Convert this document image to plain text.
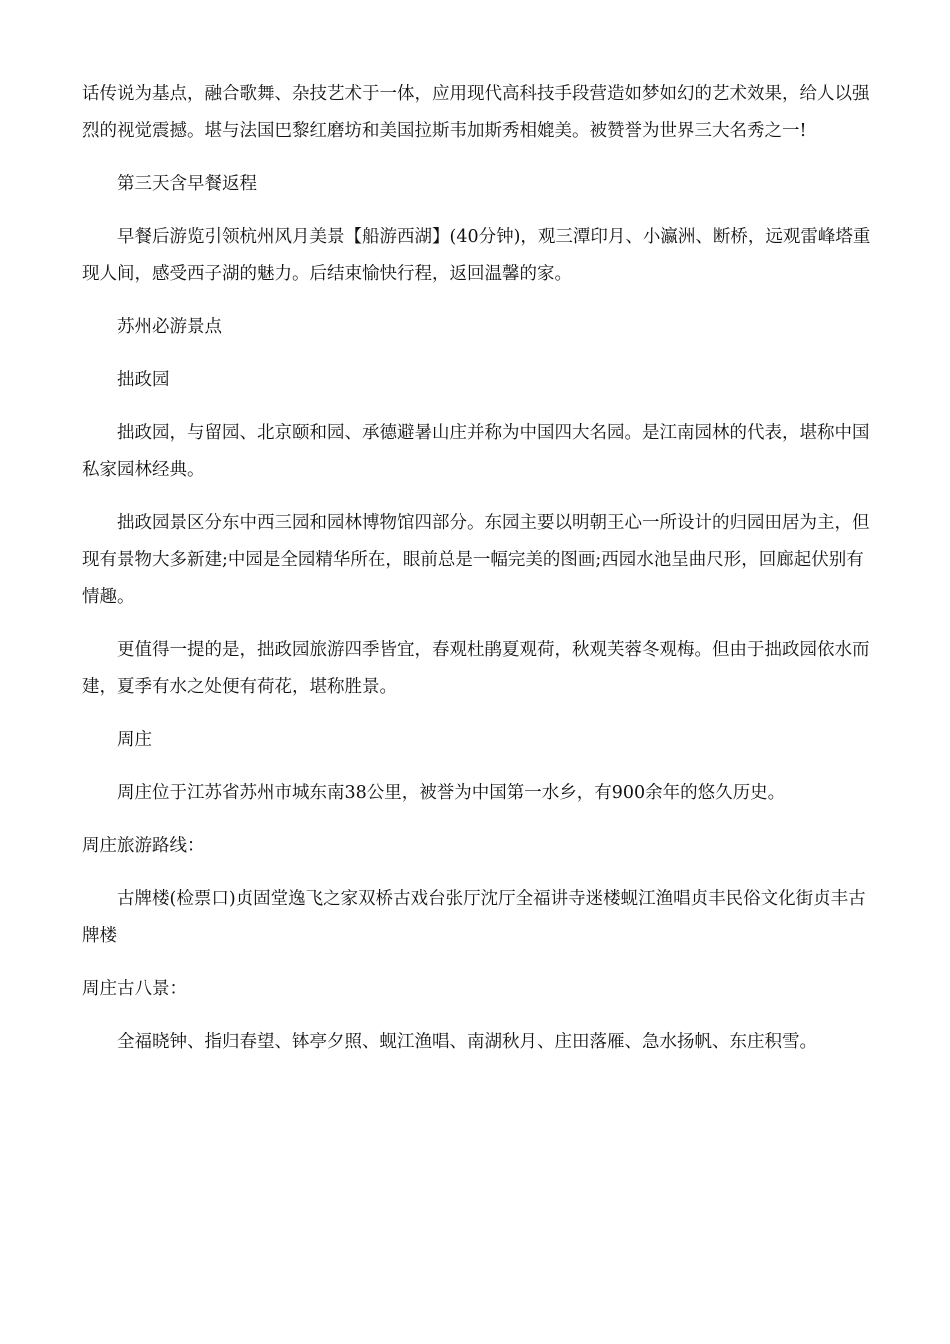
话传说为基点，融合歌舞、杂技艺术于一体，应用现代高科技手段营造如梦如幻的艺术效果，给人以强烈的视觉震撼。堪与法国巴黎红磨坊和美国拉斯韦加斯秀相媲美。被赞誉为世界三大名秀之一!

第三天含早餐返程

早餐后游览引领杭州风月美景【船游西湖】(40分钟)，观三潭印月、小瀛洲、断桥，远观雷峰塔重现人间，感受西子湖的魅力。后结束愉快行程，返回温馨的家。

苏州必游景点

拙政园

拙政园，与留园、北京颐和园、承德避暑山庄并称为中国四大名园。是江南园林的代表，堪称中国私家园林经典。

拙政园景区分东中西三园和园林博物馆四部分。东园主要以明朝王心一所设计的归园田居为主，但现有景物大多新建;中园是全园精华所在，眼前总是一幅完美的图画;西园水池呈曲尺形，回廊起伏别有情趣。

更值得一提的是，拙政园旅游四季皆宜，春观杜鹃夏观荷，秋观芙蓉冬观梅。但由于拙政园依水而建，夏季有水之处便有荷花，堪称胜景。

周庄

周庄位于江苏省苏州市城东南38公里，被誉为中国第一水乡，有900余年的悠久历史。

周庄旅游路线：

古牌楼(检票口)贞固堂逸飞之家双桥古戏台张厅沈厅全福讲寺迷楼蚬江渔唱贞丰民俗文化街贞丰古牌楼

周庄古八景：

全福晓钟、指归春望、钵亭夕照、蚬江渔唱、南湖秋月、庄田落雁、急水扬帆、东庄积雪。
